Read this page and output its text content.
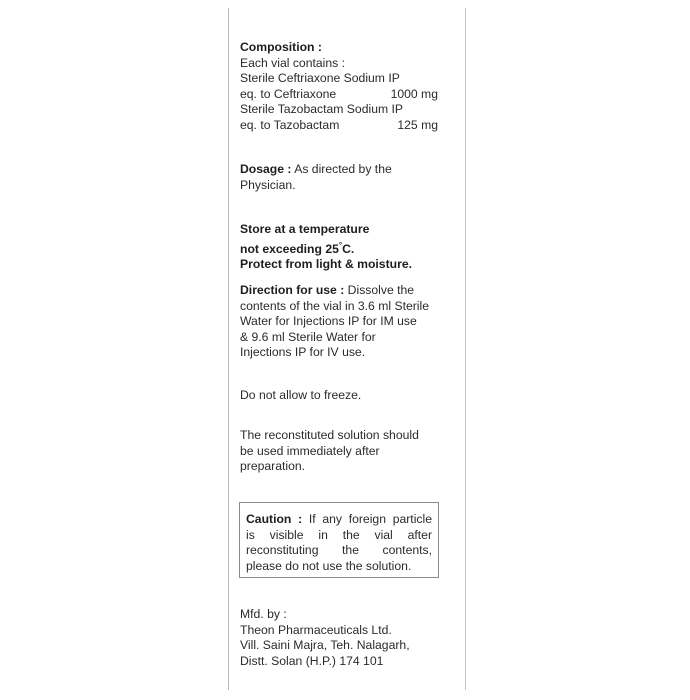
Composition :
Each vial contains :
Sterile Ceftriaxone Sodium IP
eq. to Ceftriaxone	1000 mg
Sterile Tazobactam Sodium IP
eq. to Tazobactam	125 mg
Dosage : As directed by the
Physician.
Store at a temperature
not exceeding 25°C.
Protect from light & moisture.
Direction for use : Dissolve the
contents of the vial in 3.6 ml Sterile
Water for Injections IP for IM use
& 9.6 ml Sterile Water for
Injections IP for IV use.
Do not allow to freeze.
The reconstituted solution should
be used immediately after
preparation.
Caution : If any foreign particle
is visible in the vial after
reconstituting the contents,
please do not use the solution.
Mfd. by :
Theon Pharmaceuticals Ltd.
Vill. Saini Majra, Teh. Nalagarh,
Distt. Solan (H.P.) 174 101
